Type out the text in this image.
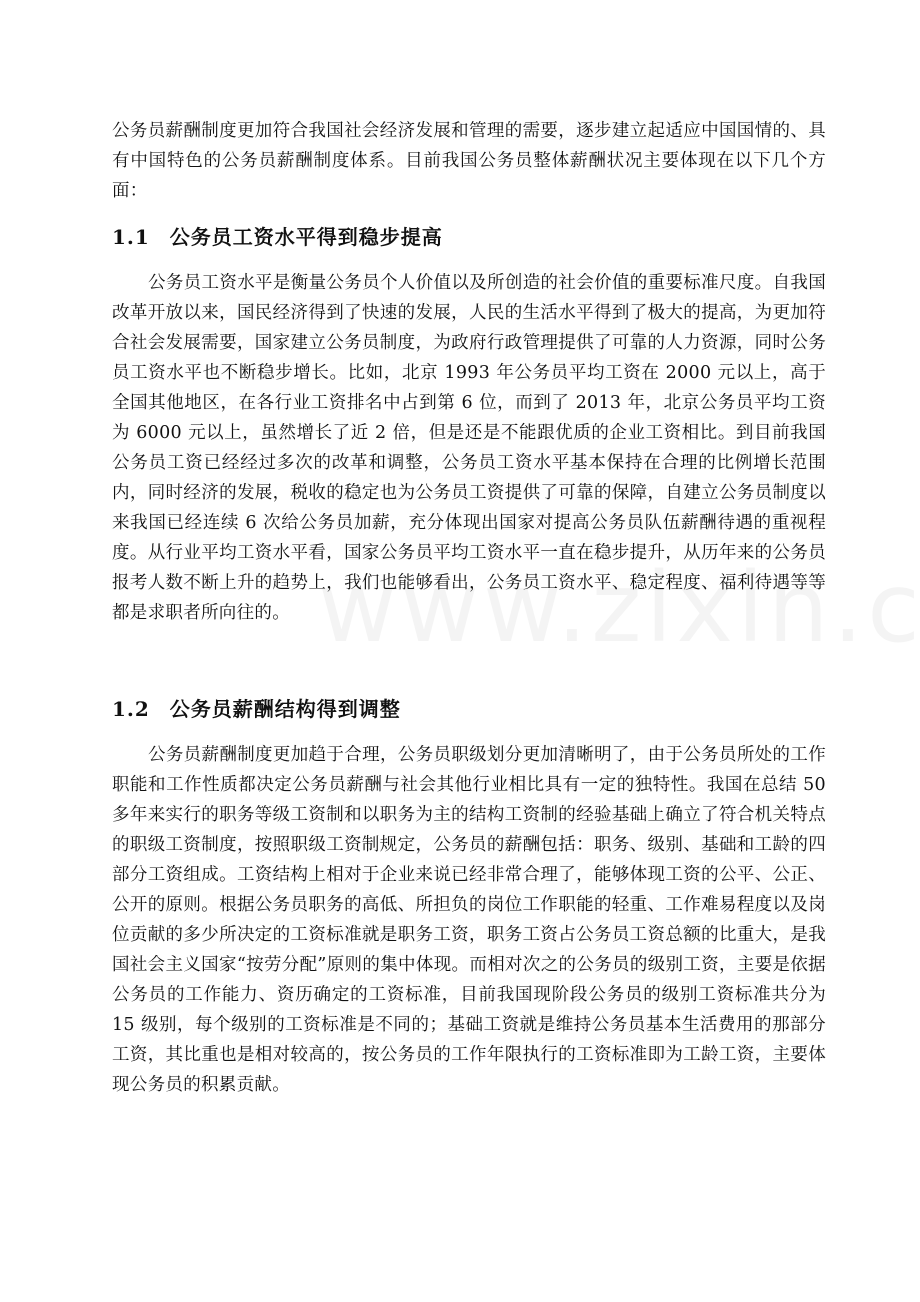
公务员薪酬制度更加符合我国社会经济发展和管理的需要，逐步建立起适应中国国情的、具有中国特色的公务员薪酬制度体系。目前我国公务员整体薪酬状况主要体现在以下几个方面：

1.1 公务员工资水平得到稳步提高

公务员工资水平是衡量公务员个人价值以及所创造的社会价值的重要标准尺度。自我国改革开放以来，国民经济得到了快速的发展，人民的生活水平得到了极大的提高，为更加符合社会发展需要，国家建立公务员制度，为政府行政管理提供了可靠的人力资源，同时公务员工资水平也不断稳步增长。比如，北京 1993 年公务员平均工资在 2000 元以上，高于全国其他地区，在各行业工资排名中占到第 6 位，而到了 2013 年，北京公务员平均工资为 6000 元以上，虽然增长了近 2 倍，但是还是不能跟优质的企业工资相比。到目前我国公务员工资已经经过多次的改革和调整，公务员工资水平基本保持在合理的比例增长范围内，同时经济的发展，税收的稳定也为公务员工资提供了可靠的保障，自建立公务员制度以来我国已经连续 6 次给公务员加薪，充分体现出国家对提高公务员队伍薪酬待遇的重视程度。从行业平均工资水平看，国家公务员平均工资水平一直在稳步提升，从历年来的公务员报考人数不断上升的趋势上，我们也能够看出，公务员工资水平、稳定程度、福利待遇等等都是求职者所向往的。

1.2 公务员薪酬结构得到调整

公务员薪酬制度更加趋于合理，公务员职级划分更加清晰明了，由于公务员所处的工作职能和工作性质都决定公务员薪酬与社会其他行业相比具有一定的独特性。我国在总结 50 多年来实行的职务等级工资制和以职务为主的结构工资制的经验基础上确立了符合机关特点的职级工资制度，按照职级工资制规定，公务员的薪酬包括：职务、级别、基础和工龄的四部分工资组成。工资结构上相对于企业来说已经非常合理了，能够体现工资的公平、公正、公开的原则。根据公务员职务的高低、所担负的岗位工作职能的轻重、工作难易程度以及岗位贡献的多少所决定的工资标准就是职务工资，职务工资占公务员工资总额的比重大，是我国社会主义国家“按劳分配”原则的集中体现。而相对次之的公务员的级别工资，主要是依据公务员的工作能力、资历确定的工资标准，目前我国现阶段公务员的级别工资标准共分为 15 级别，每个级别的工资标准是不同的；基础工资就是维持公务员基本生活费用的那部分工资，其比重也是相对较高的，按公务员的工作年限执行的工资标准即为工龄工资，主要体现公务员的积累贡献。
